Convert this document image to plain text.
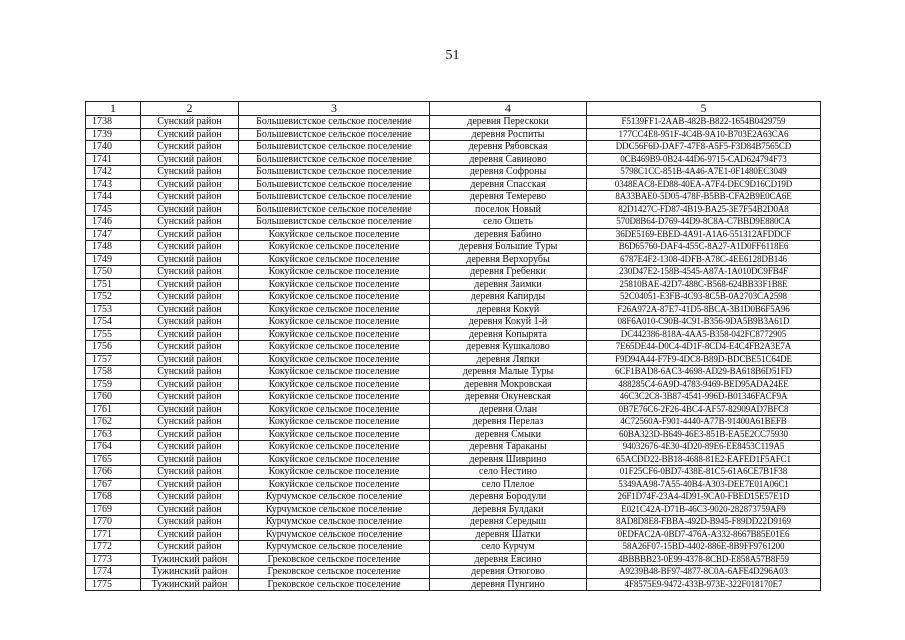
51
1	2	3	4	5
1738	Сунский район	Большевистское сельское поселение	деревня Перескоки	F5139FF1-2AAB-482B-B822-1654B0429759
1739	Сунский район	Большевистское сельское поселение	деревня Роспиты	177CC4E8-951F-4C4B-9A10-B703E2A63CA6
1740	Сунский район	Большевистское сельское поселение	деревня Рябовская	DDC56F6D-DAF7-47F8-A5F5-F3D84B7565CD
1741	Сунский район	Большевистское сельское поселение	деревня Савиново	0CB469B9-0B24-44D6-9715-CAD624794F73
1742	Сунский район	Большевистское сельское поселение	деревня Софроны	5798C1CC-851B-4A46-A7E1-0F1480EC3049
1743	Сунский район	Большевистское сельское поселение	деревня Спасская	0348EAC8-ED88-40EA-A7F4-DEC9D16CD19D
1744	Сунский район	Большевистское сельское поселение	деревня Темерево	8A33BAE0-5D05-478F-B5BB-CFA2B9E0CA6E
1745	Сунский район	Большевистское сельское поселение	поселок Новый	82D1427C-FD87-4B19-BA25-3E7F54B2D0A8
1746	Сунский район	Большевистское сельское поселение	село Ошеть	570D8B64-D769-44D9-8C8A-C7BBD9E880CA
1747	Сунский район	Кокуйское сельское поселение	деревня Бабино	36DE5169-EBED-4A91-A1A6-551312AFDDCF
1748	Сунский район	Кокуйское сельское поселение	деревня Большие Туры	B6D65760-DAF4-455C-8A27-A1D0FF6118E6
1749	Сунский район	Кокуйское сельское поселение	деревня Верхорубы	6787E4F2-1308-4DFB-A78C-4EE6128DB146
1750	Сунский район	Кокуйское сельское поселение	деревня Гребенки	230D47E2-158B-4545-A87A-1A010DC9FB4F
1751	Сунский район	Кокуйское сельское поселение	деревня Заимки	25810BAE-42D7-488C-B568-624BB33F1B8E
1752	Сунский район	Кокуйское сельское поселение	деревня Капирды	52C04051-E3FB-4C93-8C5B-0A2703CA2598
1753	Сунский район	Кокуйское сельское поселение	деревня Кокуй	F26A972A-87E7-41D5-8BCA-3B1D0B6F5A96
1754	Сунский район	Кокуйское сельское поселение	деревня Кокуй 1-й	08F6A010-C90B-4C91-B356-9DA5B9B3A61D
1755	Сунский район	Кокуйское сельское поселение	деревня Копырята	DC442386-818A-4AA5-B358-042FC8772905
1756	Сунский район	Кокуйское сельское поселение	деревня Кушкалово	7E65DE44-D0C4-4D1F-8CD4-E4C4FB2A3E7A
1757	Сунский район	Кокуйское сельское поселение	деревня Ляпки	F9D94A44-F7F9-4DC8-B89D-BDCBE51C64DE
1758	Сунский район	Кокуйское сельское поселение	деревня Малые Туры	6CF1BAD8-6AC3-4698-AD29-BA618B6D51FD
1759	Сунский район	Кокуйское сельское поселение	деревня Мокровская	488285C4-6A9D-4783-9469-BED95ADA24EE
1760	Сунский район	Кокуйское сельское поселение	деревня Окуневская	46C3C2C8-3B87-4541-996D-B01346FACF9A
1761	Сунский район	Кокуйское сельское поселение	деревня Олан	0B7E76C6-2F26-4BC4-AF57-82909AD7BFC8
1762	Сунский район	Кокуйское сельское поселение	деревня Перелаз	4C72560A-F901-4440-A77B-91400A61BEFB
1763	Сунский район	Кокуйское сельское поселение	деревня Смыки	60BA323D-B649-46E3-851B-EA5E2CC75930
1764	Сунский район	Кокуйское сельское поселение	деревня Тараканы	94032676-4E30-4D20-89E6-EE8453C119A5
1765	Сунский район	Кокуйское сельское поселение	деревня Шиврино	65ACDD22-BB18-4688-81E2-EAFED1F5AFC1
1766	Сунский район	Кокуйское сельское поселение	село Нестино	01F25CF6-0BD7-438E-81C5-61A6CE7B1F38
1767	Сунский район	Кокуйское сельское поселение	село Плелое	5349AA98-7A55-40B4-A303-DEE7E01A06C1
1768	Сунский район	Курчумское сельское поселение	деревня Бородули	26F1D74F-23A4-4D91-9CA0-FBED15E57E1D
1769	Сунский район	Курчумское сельское поселение	деревня Булдаки	E021C42A-D71B-46C3-9020-282873759AF9
1770	Сунский район	Курчумское сельское поселение	деревня Середыш	8AD8D8E8-FBBA-492D-B945-F89DD22D9169
1771	Сунский район	Курчумское сельское поселение	деревня Шатки	0EDFAC2A-0BD7-476A-A332-8667B85E01E6
1772	Сунский район	Курчумское сельское поселение	село Курчум	58A26F07-15BD-4402-886E-8B9FF9761200
1773	Тужинский район	Грековское сельское поселение	деревня Евсино	4BBBBB23-0E99-4378-8CBD-E858A57B8F59
1774	Тужинский район	Грековское сельское поселение	деревня Отюгово	A9239B48-BF97-4877-8C0A-6AFE4D296A03
1775	Тужинский район	Грековское сельское поселение	деревня Пунгино	4F8575E9-9472-433B-973E-322F018170E7
